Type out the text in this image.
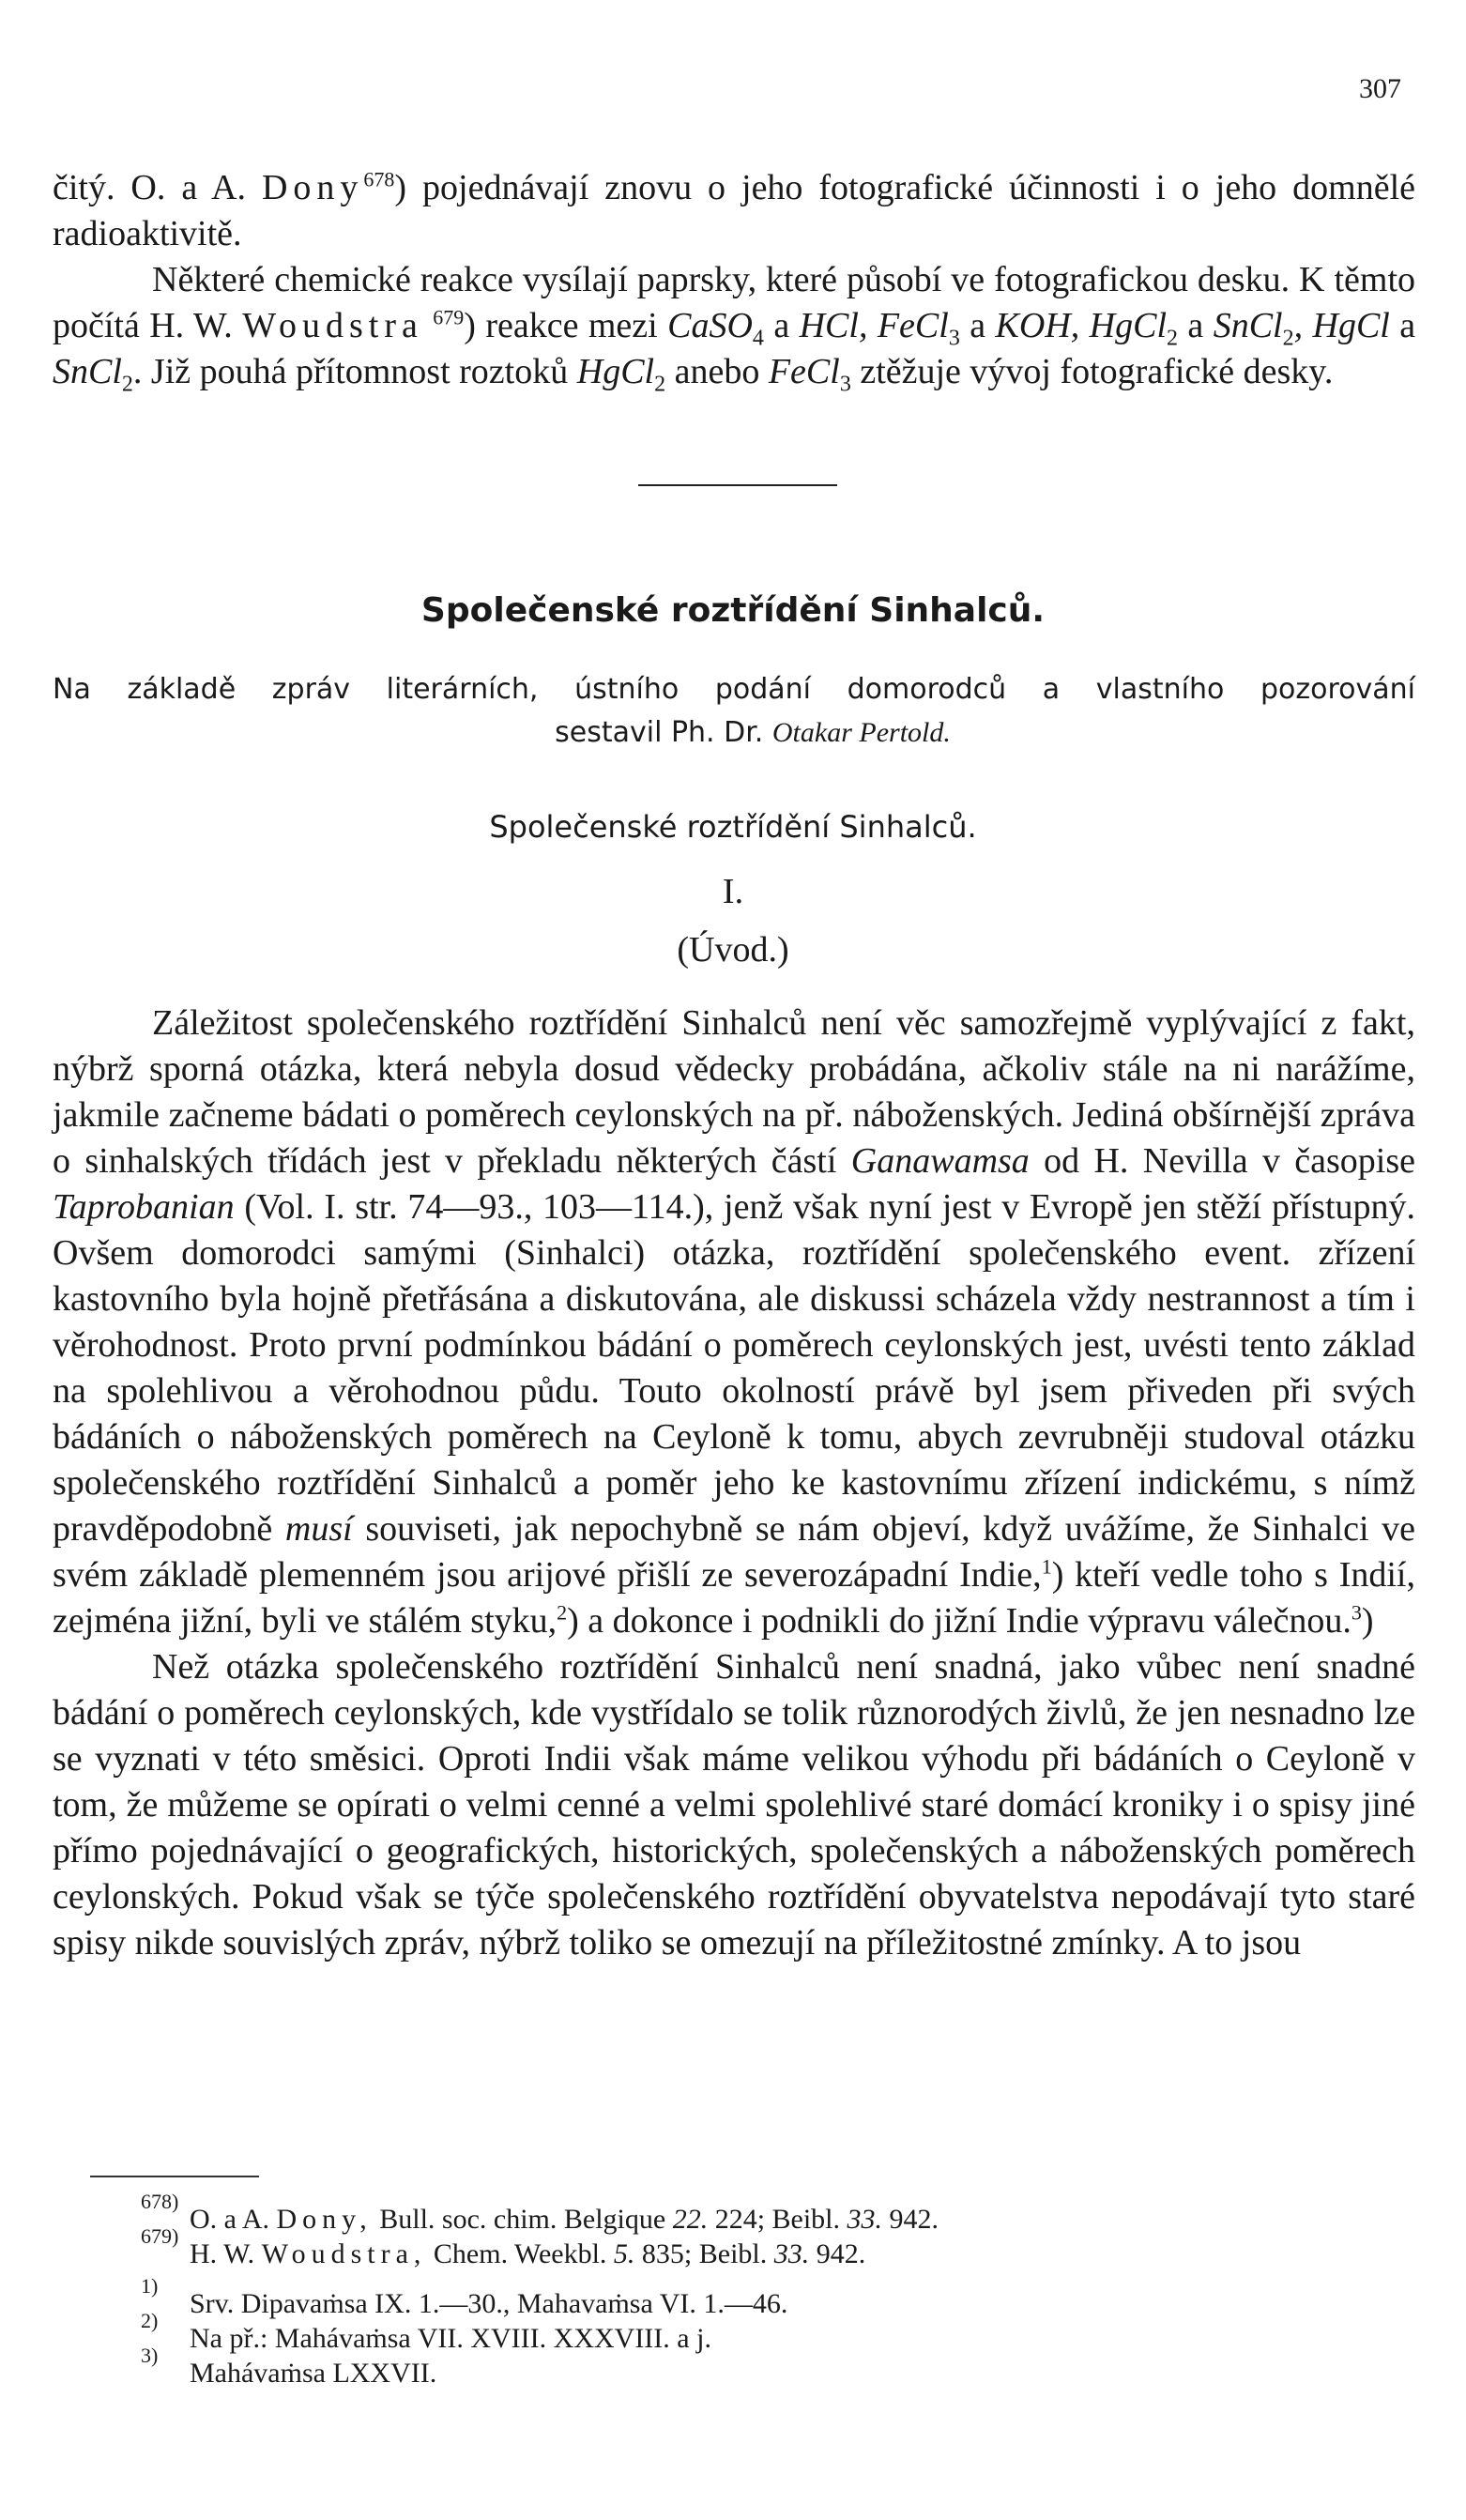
307

čitý. O. a A. Dony$^{678}$) pojednávají znovu o jeho fotografické účinnosti i o jeho domnělé radioaktivitě.

Některé chemické reakce vysílají paprsky, které působí ve fotografickou desku. K těmto počítá H. W. Woudstra $^{679}$) reakce mezi CaSO$_4$ a HCl, FeCl$_3$ a KOH, HgCl$_2$ a SnCl$_2$, HgCl a SnCl$_2$. Již pouhá přítomnost roztoků HgCl$_2$ anebo FeCl$_3$ ztěžuje vývoj fotografické desky.

Společenské roztřídění Sinhalců.
Na základě zpráv literárních, ústního podání domorodců a vlastního pozorování
sestavil Ph. Dr. Otakar Pertold.
Společenské roztřídění Sinhalců.
I.
(Úvod.)

Záležitost společenského roztřídění Sinhalců není věc samozřejmě vyplývající z fakt, nýbrž sporná otázka, která nebyla dosud vědecky probádána, ačkoliv stále na ni narážíme, jakmile začneme bádati o poměrech ceylonských na př. náboženských. Jediná obšírnější zpráva o sinhalských třídách jest v překladu některých částí Ganawamsa od H. Nevilla v časopise Taprobanian (Vol. I. str. 74—93., 103—114.), jenž však nyní jest v Evropě jen stěží přístupný. Ovšem domorodci samými (Sinhalci) otázka, roztřídění společenského event. zřízení kastovního byla hojně přetřásána a diskutována, ale diskussi scházela vždy nestrannost a tím i věrohodnost. Proto první podmínkou bádání o poměrech ceylonských jest, uvésti tento základ na spolehlivou a věrohodnou půdu. Touto okolností právě byl jsem přiveden při svých bádáních o náboženských poměrech na Ceyloně k tomu, abych zevrubněji studoval otázku společenského roztřídění Sinhalců a poměr jeho ke kastovnímu zřízení indickému, s nímž pravděpodobně musí souviseti, jak nepochybně se nám objeví, když uvážíme, že Sinhalci ve svém základě plemenném jsou arijové přišlí ze severozápadní Indie,$^1$) kteří vedle toho s Indií, zejména jižní, byli ve stálém styku,$^2$) a dokonce i podnikli do jižní Indie výpravu válečnou.$^3$)

Než otázka společenského roztřídění Sinhalců není snadná, jako vůbec není snadné bádání o poměrech ceylonských, kde vystřídalo se tolik různorodých živlů, že jen nesnadno lze se vyznati v této směsici. Oproti Indii však máme velikou výhodu při bádáních o Ceyloně v tom, že můžeme se opírati o velmi cenné a velmi spolehlivé staré domácí kroniky i o spisy jiné přímo pojednávající o geografických, historických, společenských a náboženských poměrech ceylonských. Pokud však se týče společenského roztřídění obyvatelstva nepodávají tyto staré spisy nikde souvislých zpráv, nýbrž toliko se omezují na příležitostné zmínky. A to jsou

678)
O. a A. Dony, Bull. soc. chim. Belgique 22. 224; Beibl. 33. 942.
679)
H. W. Woudstra, Chem. Weekbl. 5. 835; Beibl. 33. 942.
1)
Srv. Dipavaṁsa IX. 1.—30., Mahavaṁsa VI. 1.—46.
2)
Na př.: Mahávaṁsa VII. XVIII. XXXVIII. a j.
3)
Mahávaṁsa LXXVII.
